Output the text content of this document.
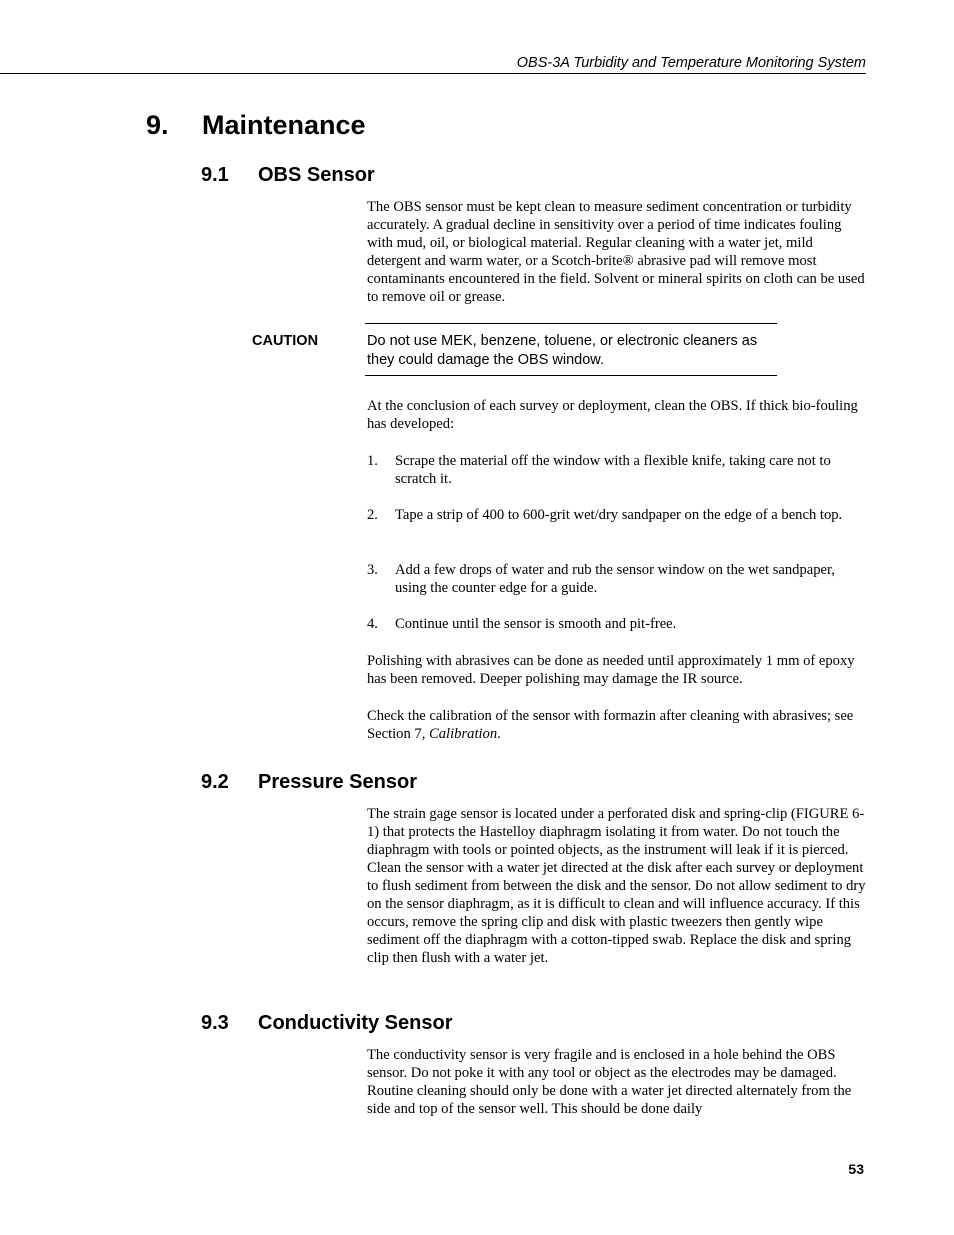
OBS-3A Turbidity and Temperature Monitoring System
9.	Maintenance
9.1	OBS Sensor

The OBS sensor must be kept clean to measure sediment concentration or turbidity accurately. A gradual decline in sensitivity over a period of time indicates fouling with mud, oil, or biological material. Regular cleaning with a water jet, mild detergent and warm water, or a Scotch-brite® abrasive pad will remove most contaminants encountered in the field. Solvent or mineral spirits on cloth can be used to remove oil or grease.

CAUTION	Do not use MEK, benzene, toluene, or electronic cleaners as they could damage the OBS window.

At the conclusion of each survey or deployment, clean the OBS. If thick bio-fouling has developed:

1.	Scrape the material off the window with a flexible knife, taking care not to scratch it.
2.	Tape a strip of 400 to 600-grit wet/dry sandpaper on the edge of a bench top.
3.	Add a few drops of water and rub the sensor window on the wet sandpaper, using the counter edge for a guide.
4.	Continue until the sensor is smooth and pit-free.

Polishing with abrasives can be done as needed until approximately 1 mm of epoxy has been removed. Deeper polishing may damage the IR source.

Check the calibration of the sensor with formazin after cleaning with abrasives; see Section 7, Calibration.

9.2	Pressure Sensor

The strain gage sensor is located under a perforated disk and spring-clip (FIGURE 6-1) that protects the Hastelloy diaphragm isolating it from water. Do not touch the diaphragm with tools or pointed objects, as the instrument will leak if it is pierced. Clean the sensor with a water jet directed at the disk after each survey or deployment to flush sediment from between the disk and the sensor. Do not allow sediment to dry on the sensor diaphragm, as it is difficult to clean and will influence accuracy. If this occurs, remove the spring clip and disk with plastic tweezers then gently wipe sediment off the diaphragm with a cotton-tipped swab. Replace the disk and spring clip then flush with a water jet.

9.3	Conductivity Sensor

The conductivity sensor is very fragile and is enclosed in a hole behind the OBS sensor. Do not poke it with any tool or object as the electrodes may be damaged. Routine cleaning should only be done with a water jet directed alternately from the side and top of the sensor well. This should be done daily

53
